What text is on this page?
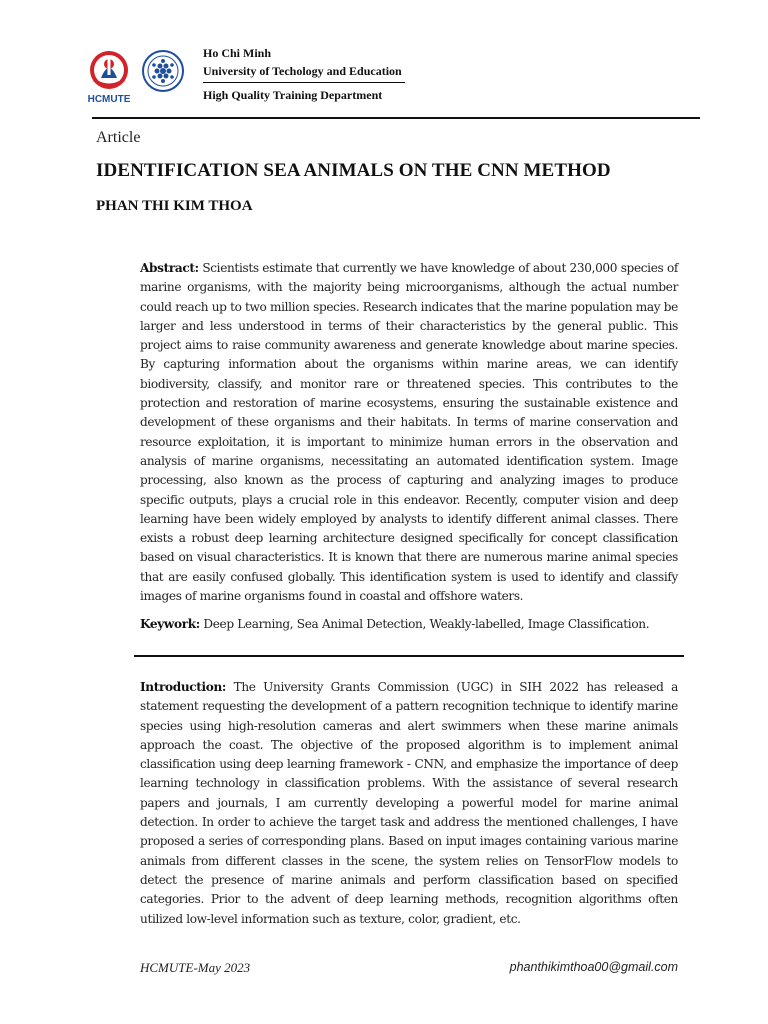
HCMUTE
Ho Chi Minh
University of Techology and Education
High Quality Training Department
Article
IDENTIFICATION SEA ANIMALS ON THE CNN METHOD
PHAN THI KIM THOA
Abstract: Scientists estimate that currently we have knowledge of about 230,000 species of marine organisms, with the majority being microorganisms, although the actual number could reach up to two million species. Research indicates that the marine population may be larger and less understood in terms of their characteristics by the general public. This project aims to raise community awareness and generate knowledge about marine species. By capturing information about the organisms within marine areas, we can identify biodiversity, classify, and monitor rare or threatened species. This contributes to the protection and restoration of marine ecosystems, ensuring the sustainable existence and development of these organisms and their habitats. In terms of marine conservation and resource exploitation, it is important to minimize human errors in the observation and analysis of marine organisms, necessitating an automated identification system. Image processing, also known as the process of capturing and analyzing images to produce specific outputs, plays a crucial role in this endeavor. Recently, computer vision and deep learning have been widely employed by analysts to identify different animal classes. There exists a robust deep learning architecture designed specifically for concept classification based on visual characteristics. It is known that there are numerous marine animal species that are easily confused globally. This identification system is used to identify and classify images of marine organisms found in coastal and offshore waters.
Keywork: Deep Learning, Sea Animal Detection, Weakly-labelled, Image Classification.
Introduction: The University Grants Commission (UGC) in SIH 2022 has released a statement requesting the development of a pattern recognition technique to identify marine species using high-resolution cameras and alert swimmers when these marine animals approach the coast. The objective of the proposed algorithm is to implement animal classification using deep learning framework - CNN, and emphasize the importance of deep learning technology in classification problems. With the assistance of several research papers and journals, I am currently developing a powerful model for marine animal detection. In order to achieve the target task and address the mentioned challenges, I have proposed a series of corresponding plans. Based on input images containing various marine animals from different classes in the scene, the system relies on TensorFlow models to detect the presence of marine animals and perform classification based on specified categories. Prior to the advent of deep learning methods, recognition algorithms often utilized low-level information such as texture, color, gradient, etc.
HCMUTE-May 2023	phanthikimthoa00@gmail.com
